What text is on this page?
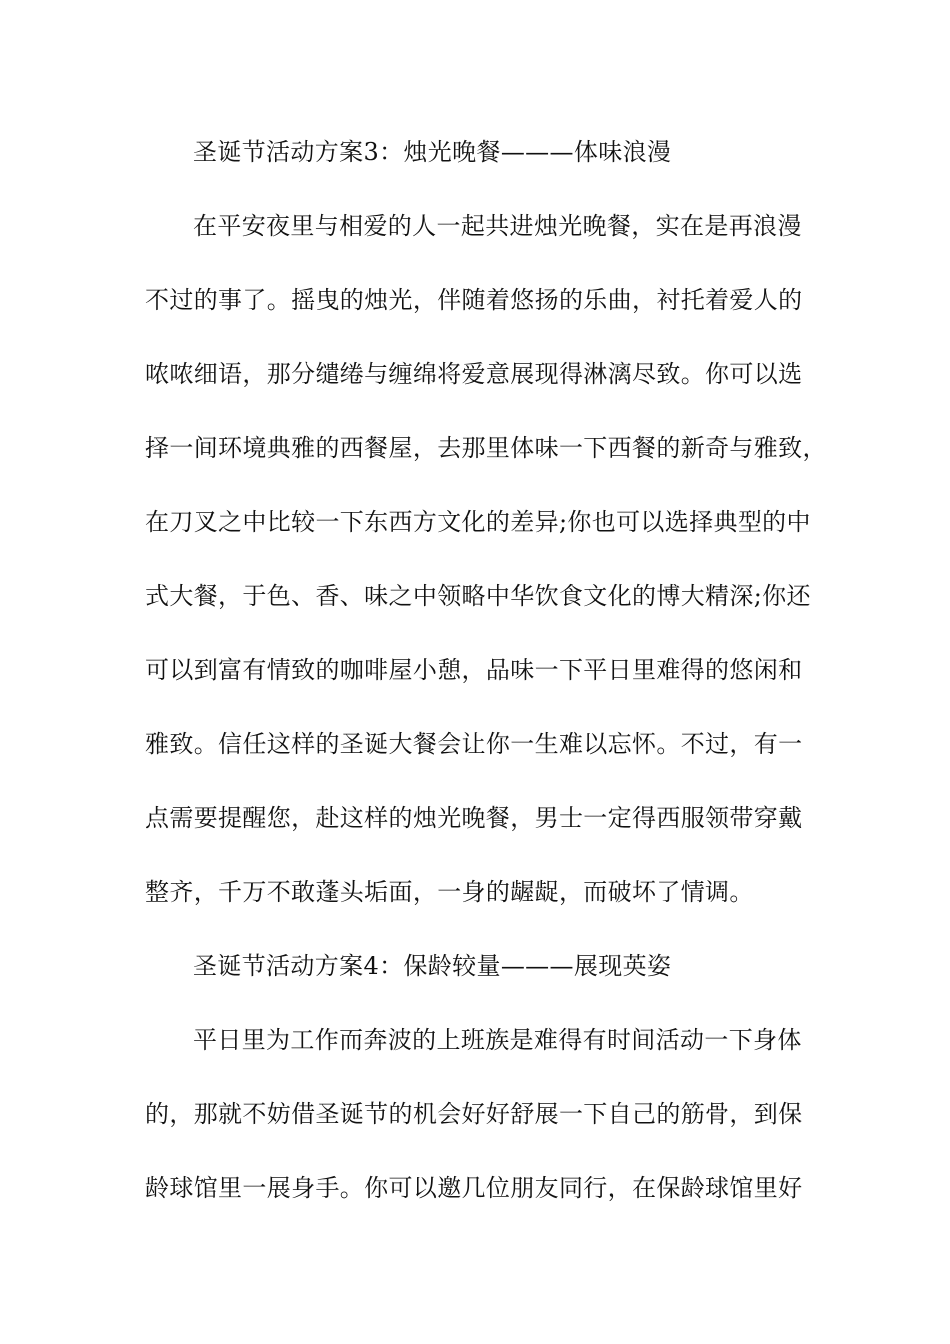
圣诞节活动方案3：烛光晚餐———体味浪漫

在平安夜里与相爱的人一起共进烛光晚餐，实在是再浪漫

不过的事了。摇曳的烛光，伴随着悠扬的乐曲，衬托着爱人的

哝哝细语，那分缱绻与缠绵将爱意展现得淋漓尽致。你可以选

择一间环境典雅的西餐屋，去那里体味一下西餐的新奇与雅致，

在刀叉之中比较一下东西方文化的差异;你也可以选择典型的中

式大餐，于色、香、味之中领略中华饮食文化的博大精深;你还

可以到富有情致的咖啡屋小憩，品味一下平日里难得的悠闲和

雅致。信任这样的圣诞大餐会让你一生难以忘怀。不过，有一

点需要提醒您，赴这样的烛光晚餐，男士一定得西服领带穿戴

整齐，千万不敢蓬头垢面，一身的龌龊，而破坏了情调。

圣诞节活动方案4：保龄较量———展现英姿

平日里为工作而奔波的上班族是难得有时间活动一下身体

的，那就不妨借圣诞节的机会好好舒展一下自己的筋骨，到保

龄球馆里一展身手。你可以邀几位朋友同行，在保龄球馆里好
